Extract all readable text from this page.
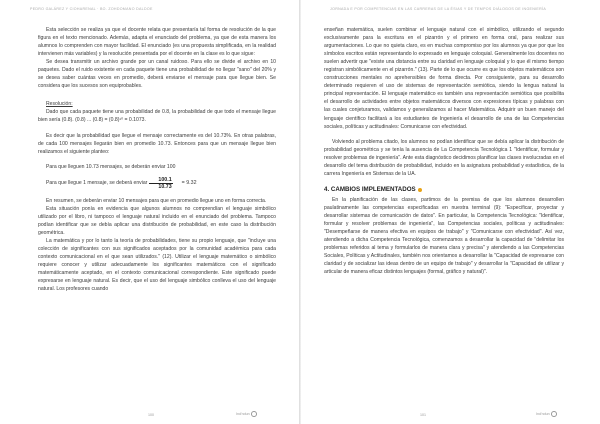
PEDRO GALÁREZ Y CIOHARENAL · BO. ZOHDOMANO DALDOE

Esta selección se realiza ya que el docente relata que presentaría tal forma de resolución de la que figura en el texto mencionado. Además, adapta el enunciado del problema, ya que de esta manera los alumnos lo comprenden con mayor facilidad. El enunciado (es una propuesta simplificada, en la realidad intervienen más variables) y la resolución presentada por el docente en la clase es lo que sigue:

Se desea transmitir un archivo grande por un canal ruidoso. Para ello se divide el archivo en 10 paquetes. Dado el ruido existente en cada paquete tiene una probabilidad de no llegar "sano" del 20% y se desea saber cuántas veces en promedio, deberá enviarse el mensaje para que llegue bien. Se considera que los sucesos son equiprobables.

Resolución:

Dado que cada paquete tiene una probabilidad de 0.8, la probabilidad de que todo el mensaje llegue bien sería (0.8). (0.8) ... (0.8) = (0.8)¹⁰ = 0.1073.

Es decir que la probabilidad que llegue el mensaje correctamente es del 10.73%. En otras palabras, de cada 100 mensajes llegarán bien en promedio 10.73. Entonces para que un mensaje llegue bien realizamos el siguiente planteo:

Para que lleguen 10.73 mensajes, se deberán enviar 100

Para que llegue 1 mensaje, se deberá enviar $\frac{100.1}{10.73}$	= 9.32

En resumen, se deberán enviar 10 mensajes para que en promedio llegue uno en forma correcta.

Esta situación ponía en evidencia que algunos alumnos no comprendían el lenguaje simbólico utilizado por el libro, ni tampoco el lenguaje natural incluido en el enunciado del problema. Tampoco podían identificar que se debía aplicar una distribución de probabilidad, en este caso la distribución geométrica.

La matemática y por lo tanto la teoría de probabilidades, tiene su propio lenguaje, que "incluye una colección de significantes con sus significados aceptados por la comunidad académica para cada contexto comunicacional en el que sean utilizados." (12). Utilizar el lenguaje matemático o simbólico requiere conocer y utilizar adecuadamente los significantes matemáticos con el significado matemáticamente aceptado, en el contexto comunicacional correspondiente. Este significado puede expresarse en lenguaje natural. Es decir, que el uso del lenguaje simbólico conlleva el uso del lenguaje natural. Los profesores cuando

100	Ind'ndun
JORNADA E POR COMPETENCIAS EN LAS CARRERAS DE LA ÉSIAS Y DE TEMPOS DIÁLOGOS DE INGENIERÍA

enseñan matemática, suelen combinar el lenguaje natural con el simbólico, utilizando el segundo exclusivamente para la escritura en el pizarrón y el primero en forma oral, para realizar sus argumentaciones. Lo que no quieta claro, es en muchas compromiso por los alumnos ya que por que los símbolos escritos están representando lo expresado en lenguaje coloquial. Generalmente los docentes no suelen advertir que "existe una distancia entre su claridad en lenguaje coloquial y lo que él mismo tiempo registran simbólicamente en el pizarrón." (13). Parte de lo que ocurre es que los objetos matemáticos son construcciones mentales no aprehensibles de forma directa. Por consiguiente, para su desarrollo determinado requieren el uso de sistemas de representación semiótica, siendo la lengua natural la principal representación. El lenguaje matemático es también una representación semiótica que posibilita el desarrollo de actividades entre objetos matemáticos diversos con expresiones típicas y palabras con las cuales conjeturamos, validamos y generalizamos al hacer Matemática. Adquirir un buen manejo del lenguaje científico facilitará a los estudiantes de Ingeniería el desarrollo de una de las Competencias sociales, políticas y actitudinales: Comunicarse con efectividad.

Volviendo al problema citado, los alumnos no podían identificar que se debía aplicar la distribución de probabilidad geométrica y se tenía la ausencia de La Competencia Tecnológica 1 "Identificar, formular y resolver problemas de ingeniería". Ante esta diagnóstico decidimos planificar las clases involucradas en el desarrollo del tema distribución de probabilidad, incluido en la asignatura probabilidad y estadística, de la carrera Ingeniería en Sistemas de la UA.

4. CAMBIOS IMPLEMENTADOS

En la planificación de las clases, partimos de la premisa de que los alumnos desarrollen paulatinamente las competencias especificadas en nuestra terminal (9): "Especificar, proyectar y desarrollar sistemas de comunicación de datos". En particular, la Competencia Tecnológica: "Identificar, formular y resolver problemas de ingeniería", las Competencias sociales, políticas y actitudinales: "Desempeñarse de manera efectiva en equipos de trabajo" y "Comunicarse con efectividad". Así vez, atendiendo a dicha Competencia Tecnológica, comenzamos a desarrollar la capacidad de "delimitar los problemas referidos al tema y formularlos de manera clara y precisa" y atendiendo a las Competencias Sociales, Políticas y Actitudinales, también nos orientamos a desarrollar la "Capacidad de expresarse con claridad y de socializar las ideas dentro de un equipo de trabajo" y desarrollar la "Capacidad de utilizar y articular de manera eficaz distintos lenguajes (formal, gráfico y natural)".

101	Ind'ndun
